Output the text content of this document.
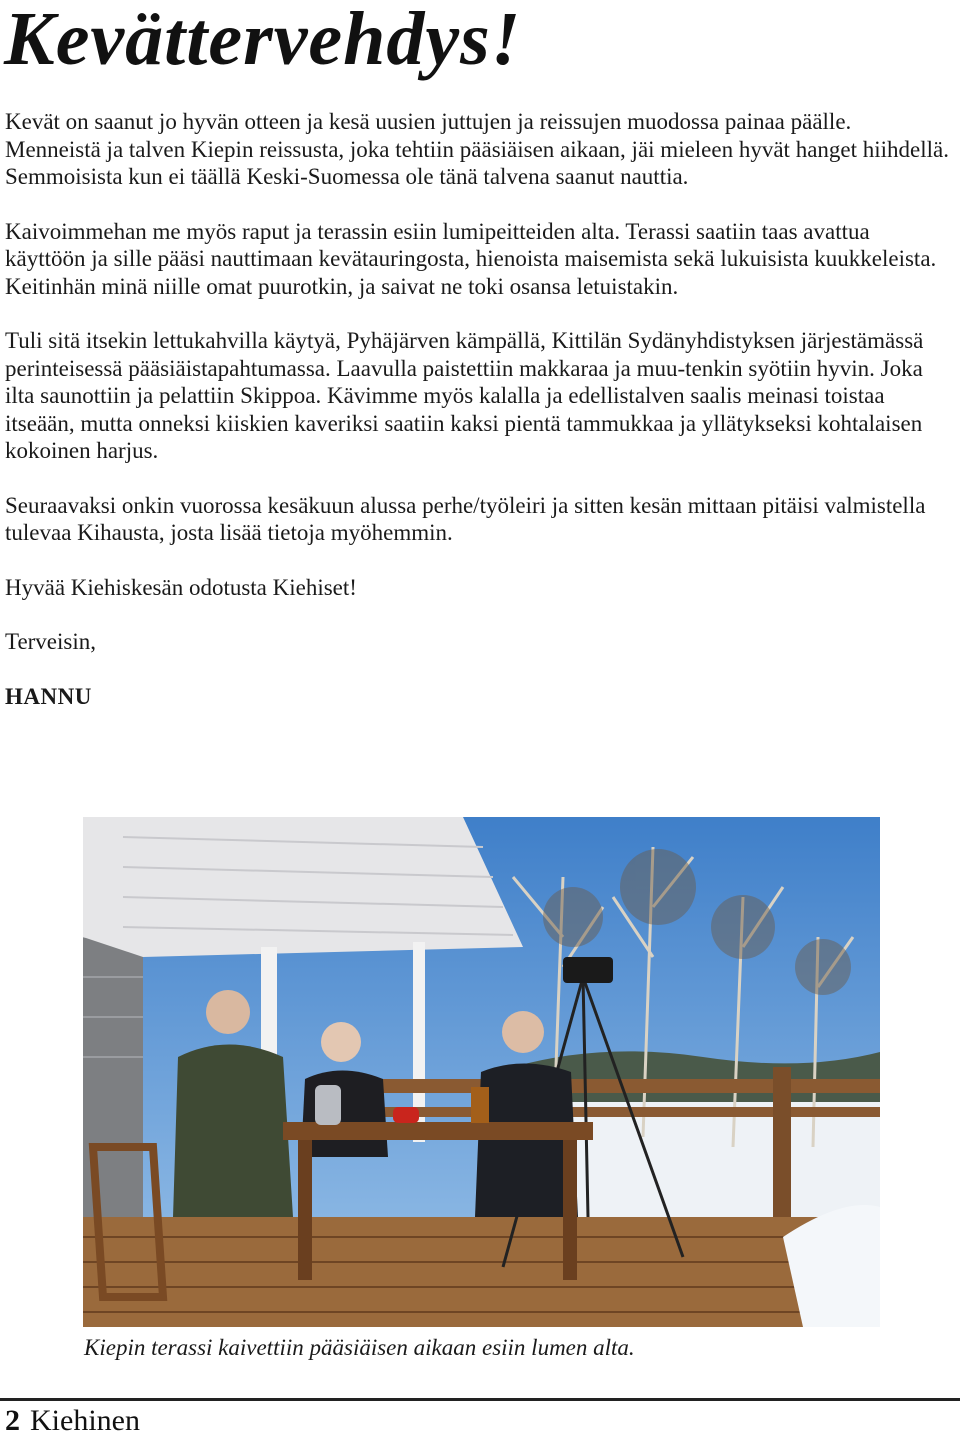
Kevättervehdys!

Kevät on saanut jo hyvän otteen ja kesä uusien juttujen ja reissujen muodossa painaa päälle. Menneistä ja talven Kiepin reissusta, joka tehtiin pääsiäisen aikaan, jäi mieleen hyvät hanget hiihdellä. Semmoisista kun ei täällä Keski-Suomessa ole tänä talvena saanut nauttia.

Kaivoimmehan me myös raput ja terassin esiin lumipeitteiden alta. Terassi saatiin taas avattua käyttöön ja sille pääsi nauttimaan kevätauringosta, hienoista maisemista sekä lukuisista kuukkeleista. Keitinhän minä niille omat puurotkin, ja saivat ne toki osansa letuistakin.

Tuli sitä itsekin lettukahvilla käytyä, Pyhäjärven kämpällä, Kittilän Sydänyhdistyksen järjestämässä perinteisessä pääsiäistapahtumassa. Laavulla paistettiin makkaraa ja muu-tenkin syötiin hyvin. Joka ilta saunottiin ja pelattiin Skippoa. Kävimme myös kalalla ja edellistalven saalis meinasi toistaa itseään, mutta onneksi kiiskien kaveriksi saatiin kaksi pientä tammukkaa ja yllätykseksi kohtalaisen kokoinen harjus.

Seuraavaksi onkin vuorossa kesäkuun alussa perhe/työleiri ja sitten kesän mittaan pitäisi valmistella tulevaa Kihausta, josta lisää tietoja myöhemmin.

Hyvää Kiehiskesän odotusta Kiehiset!

Terveisin,

HANNU

Kiepin terassi kaivettiin pääsiäisen aikaan esiin lumen alta.

2 Kiehinen
